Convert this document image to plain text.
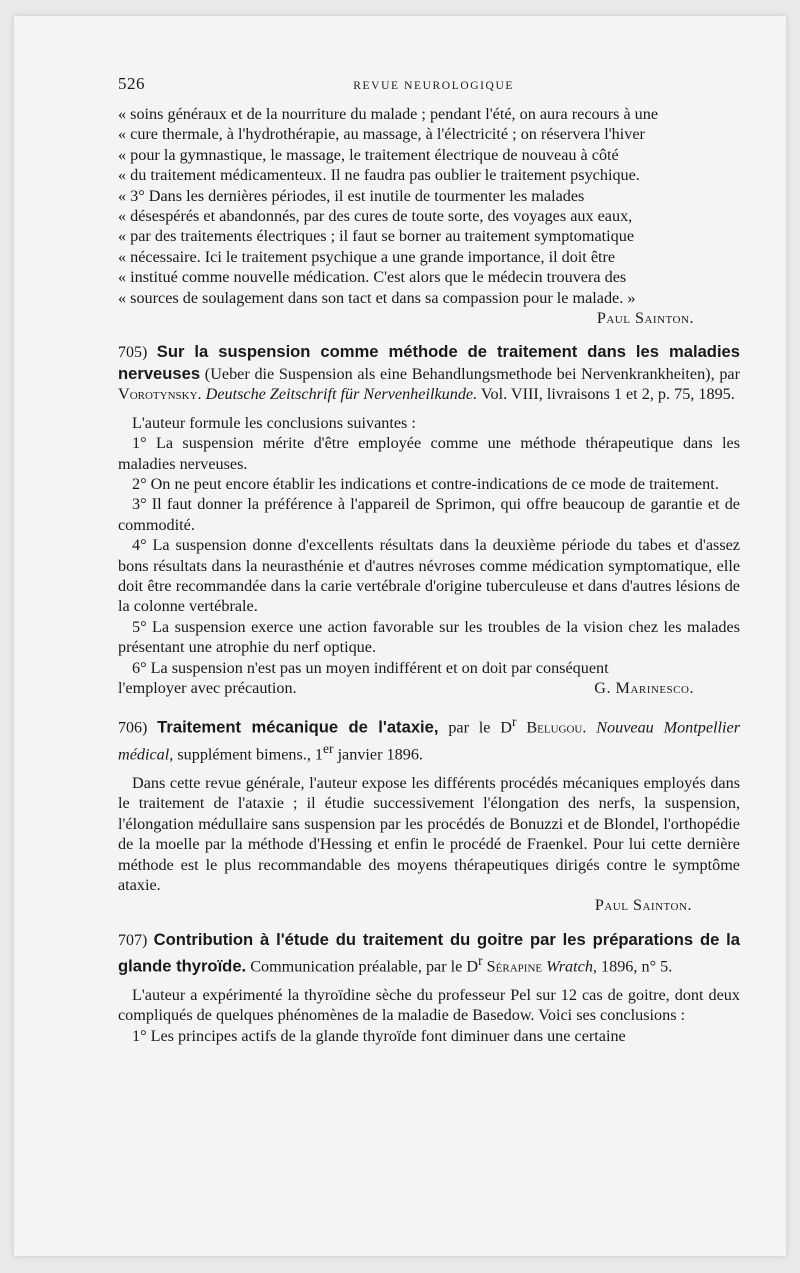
526	REVUE NEUROLOGIQUE
« soins généraux et de la nourriture du malade ; pendant l'été, on aura recours à une
« cure thermale, à l'hydrothérapie, au massage, à l'électricité ; on réservera l'hiver
« pour la gymnastique, le massage, le traitement électrique de nouveau à côté
« du traitement médicamenteux. Il ne faudra pas oublier le traitement psychique.
« 3° Dans les dernières périodes, il est inutile de tourmenter les malades
« désespérés et abandonnés, par des cures de toute sorte, des voyages aux eaux,
« par des traitements électriques ; il faut se borner au traitement symptomatique
« nécessaire. Ici le traitement psychique a une grande importance, il doit être
« institué comme nouvelle médication. C'est alors que le médecin trouvera des
« sources de soulagement dans son tact et dans sa compassion pour le malade. »

Paul Sainton.

705) Sur la suspension comme méthode de traitement dans les maladies nerveuses (Ueber die Suspension als eine Behandlungsmethode bei Nervenkrankheiten), par Vorotynsky. Deutsche Zeitschrift für Nervenheilkunde. Vol. VIII, livraisons 1 et 2, p. 75, 1895.

L'auteur formule les conclusions suivantes :

1° La suspension mérite d'être employée comme une méthode thérapeutique dans les maladies nerveuses.

2° On ne peut encore établir les indications et contre-indications de ce mode de traitement.

3° Il faut donner la préférence à l'appareil de Sprimon, qui offre beaucoup de garantie et de commodité.

4° La suspension donne d'excellents résultats dans la deuxième période du tabes et d'assez bons résultats dans la neurasthénie et d'autres névroses comme médication symptomatique, elle doit être recommandée dans la carie vertébrale d'origine tuberculeuse et dans d'autres lésions de la colonne vertébrale.

5° La suspension exerce une action favorable sur les troubles de la vision chez les malades présentant une atrophie du nerf optique.

6° La suspension n'est pas un moyen indifférent et on doit par conséquent

l'employer avec précaution.	G. Marinesco.

706) Traitement mécanique de l'ataxie, par le $D^r$ Belugou. Nouveau Montpellier médical, supplément bimens., 1er janvier 1896.

Dans cette revue générale, l'auteur expose les différents procédés mécaniques employés dans le traitement de l'ataxie ; il étudie successivement l'élongation des nerfs, la suspension, l'élongation médullaire sans suspension par les procédés de Bonuzzi et de Blondel, l'orthopédie de la moelle par la méthode d'Hessing et enfin le procédé de Fraenkel. Pour lui cette dernière méthode est le plus recommandable des moyens thérapeutiques dirigés contre le symptôme ataxie.

Paul Sainton.

707) Contribution à l'étude du traitement du goitre par les préparations de la glande thyroïde. Communication préalable, par le $D^r$ Sérapine Wratch, 1896, n° 5.

L'auteur a expérimenté la thyroïdine sèche du professeur Pel sur 12 cas de goitre, dont deux compliqués de quelques phénomènes de la maladie de Basedow. Voici ses conclusions :

1° Les principes actifs de la glande thyroïde font diminuer dans une certaine
